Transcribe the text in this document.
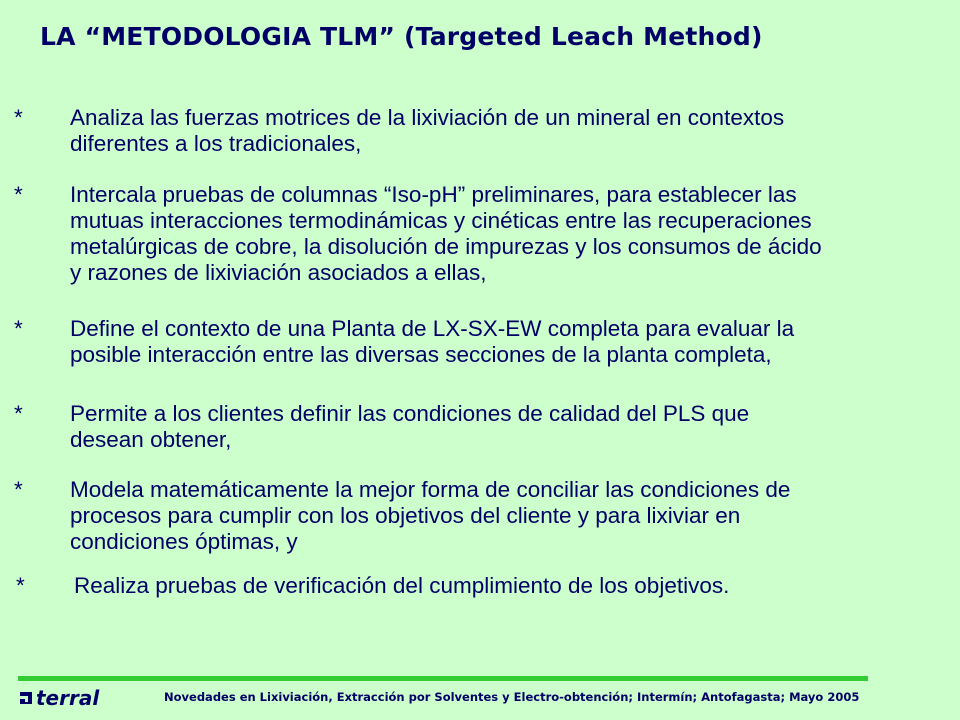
LA “METODOLOGIA TLM” (Targeted Leach Method)
*	Analiza las fuerzas motrices de la lixiviación de un mineral en contextos
diferentes a los tradicionales,
*	Intercala pruebas de columnas “Iso-pH” preliminares, para establecer las
mutuas interacciones termodinámicas y cinéticas entre las recuperaciones
metalúrgicas de cobre, la disolución de impurezas y los consumos de ácido
y razones de lixiviación asociados a ellas,
*	Define el contexto de una Planta de LX-SX-EW completa para evaluar la
posible interacción entre las diversas secciones de la planta completa,
*	Permite a los clientes definir las condiciones de calidad del PLS que
desean obtener,
*	Modela matemáticamente la mejor forma de conciliar las condiciones de
procesos para cumplir con los objetivos del cliente y para lixiviar en
condiciones óptimas, y
*	Realiza pruebas de verificación del cumplimiento de los objetivos.
terral	Novedades en Lixiviación, Extracción por Solventes y Electro-obtención; Intermín; Antofagasta; Mayo 2005
